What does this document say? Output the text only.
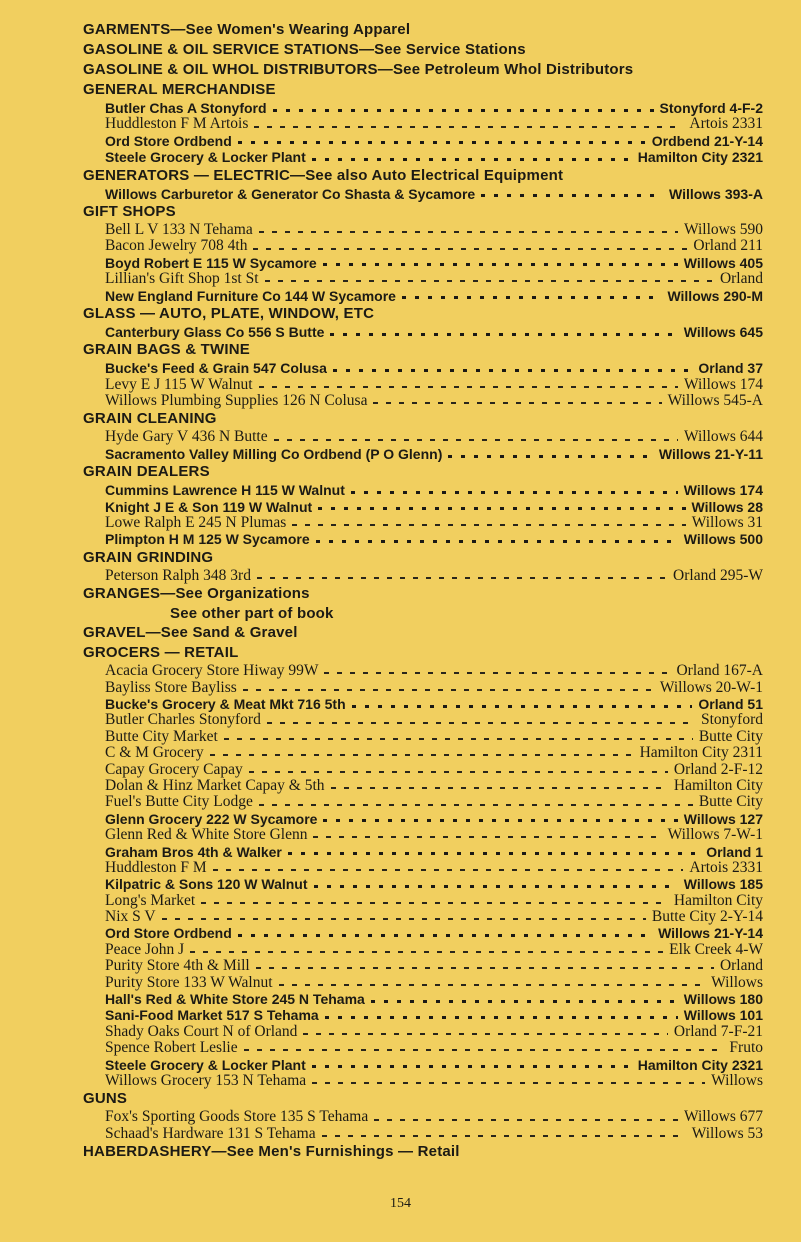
GARMENTS—See Women's Wearing Apparel
GASOLINE & OIL SERVICE STATIONS—See Service Stations
GASOLINE & OIL WHOL DISTRIBUTORS—See Petroleum Whol Distributors
GENERAL MERCHANDISE
Butler Chas A Stonyford	Stonyford 4-F-2
Huddleston F M Artois	Artois 2331
Ord Store Ordbend	Ordbend 21-Y-14
Steele Grocery & Locker Plant	Hamilton City 2321
GENERATORS — ELECTRIC—See also Auto Electrical Equipment
Willows Carburetor & Generator Co Shasta & Sycamore	Willows 393-A
GIFT SHOPS
Bell L V 133 N Tehama	Willows 590
Bacon Jewelry 708 4th	Orland 211
Boyd Robert E 115 W Sycamore	Willows 405
Lillian's Gift Shop 1st St	Orland
New England Furniture Co 144 W Sycamore	Willows 290-M
GLASS — AUTO, PLATE, WINDOW, ETC
Canterbury Glass Co 556 S Butte	Willows 645
GRAIN BAGS & TWINE
Bucke's Feed & Grain 547 Colusa	Orland 37
Levy E J 115 W Walnut	Willows 174
Willows Plumbing Supplies 126 N Colusa	Willows 545-A
GRAIN CLEANING
Hyde Gary V 436 N Butte	Willows 644
Sacramento Valley Milling Co Ordbend (P O Glenn)	Willows 21-Y-11
GRAIN DEALERS
Cummins Lawrence H 115 W Walnut	Willows 174
Knight J E & Son 119 W Walnut	Willows 28
Lowe Ralph E 245 N Plumas	Willows 31
Plimpton H M 125 W Sycamore	Willows 500
GRAIN GRINDING
Peterson Ralph 348 3rd	Orland 295-W
GRANGES—See Organizations
See other part of book
GRAVEL—See Sand & Gravel
GROCERS — RETAIL
Acacia Grocery Store Hiway 99W	Orland 167-A
Bayliss Store Bayliss	Willows 20-W-1
Bucke's Grocery & Meat Mkt 716 5th	Orland 51
Butler Charles Stonyford	Stonyford
Butte City Market	Butte City
C & M Grocery	Hamilton City 2311
Capay Grocery Capay	Orland 2-F-12
Dolan & Hinz Market Capay & 5th	Hamilton City
Fuel's Butte City Lodge	Butte City
Glenn Grocery 222 W Sycamore	Willows 127
Glenn Red & White Store Glenn	Willows 7-W-1
Graham Bros 4th & Walker	Orland 1
Huddleston F M	Artois 2331
Kilpatric & Sons 120 W Walnut	Willows 185
Long's Market	Hamilton City
Nix S V	Butte City 2-Y-14
Ord Store Ordbend	Willows 21-Y-14
Peace John J	Elk Creek 4-W
Purity Store 4th & Mill	Orland
Purity Store 133 W Walnut	Willows
Hall's Red & White Store 245 N Tehama	Willows 180
Sani-Food Market 517 S Tehama	Willows 101
Shady Oaks Court N of Orland	Orland 7-F-21
Spence Robert Leslie	Fruto
Steele Grocery & Locker Plant	Hamilton City 2321
Willows Grocery 153 N Tehama	Willows
GUNS
Fox's Sporting Goods Store 135 S Tehama	Willows 677
Schaad's Hardware 131 S Tehama	Willows 53
HABERDASHERY—See Men's Furnishings — Retail
154
